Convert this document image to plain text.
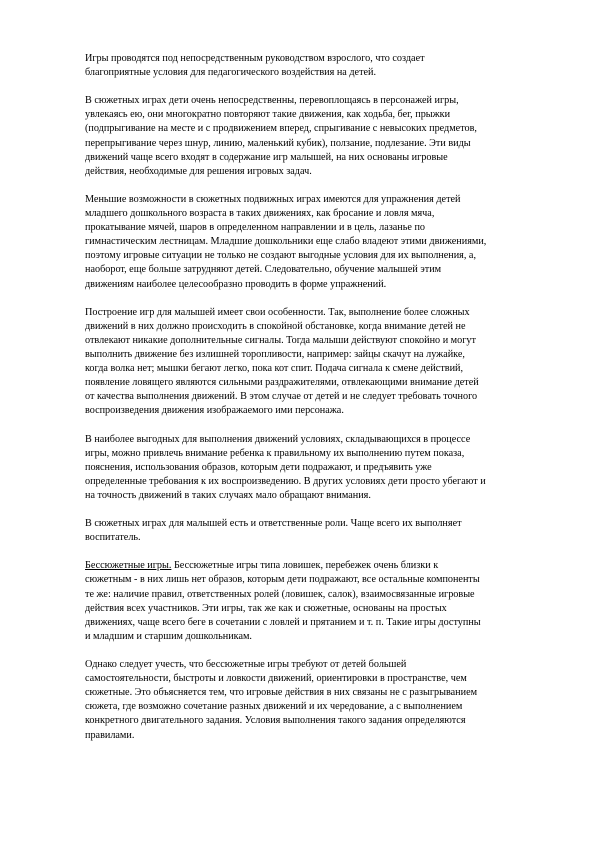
Игры проводятся под непосредственным руководством взрослого, что создает
благоприятные условия для педагогического воздействия на детей.

В сюжетных играх дети очень непосредственны, перевоплощаясь в персонажей игры,
увлекаясь ею, они многократно повторяют такие движения, как ходьба, бег, прыжки
(подпрыгивание на месте и с продвижением вперед, спрыгивание с невысоких предметов,
перепрыгивание через шнур, линию, маленький кубик), ползание, подлезание. Эти виды
движений чаще всего входят в содержание игр малышей, на них основаны игровые
действия, необходимые для решения игровых задач.

Меньшие возможности в сюжетных подвижных играх имеются для упражнения детей
младшего дошкольного возраста в таких движениях, как бросание и ловля мяча,
прокатывание мячей, шаров в определенном направлении и в цель, лазанье по
гимнастическим лестницам. Младшие дошкольники еще слабо владеют этими движениями,
поэтому игровые ситуации не только не создают выгодные условия для их выполнения, а,
наоборот, еще больше затрудняют детей. Следовательно, обучение малышей этим
движениям наиболее целесообразно проводить в форме упражнений.

Построение игр для малышей имеет свои особенности. Так, выполнение более сложных
движений в них должно происходить в спокойной обстановке, когда внимание детей не
отвлекают никакие дополнительные сигналы. Тогда малыши действуют спокойно и могут
выполнить движение без излишней торопливости, например: зайцы скачут на лужайке,
когда волка нет; мышки бегают легко, пока кот спит. Подача сигнала к смене действий,
появление ловящего являются сильными раздражителями, отвлекающими внимание детей
от качества выполнения движений. В этом случае от детей и не следует требовать точного
воспроизведения движения изображаемого ими персонажа.

В наиболее выгодных для выполнения движений условиях, складывающихся в процессе
игры, можно привлечь внимание ребенка к правильному их выполнению путем показа,
пояснения, использования образов, которым дети подражают, и предъявить уже
определенные требования к их воспроизведению. В других условиях дети просто убегают и
на точность движений в таких случаях мало обращают внимания.

В сюжетных играх для малышей есть и ответственные роли. Чаще всего их выполняет
воспитатель.

Бессюжетные игры. Бессюжетные игры типа ловишек, перебежек очень близки к
сюжетным - в них лишь нет образов, которым дети подражают, все остальные компоненты
те же: наличие правил, ответственных ролей (ловишек, салок), взаимосвязанные игровые
действия всех участников. Эти игры, так же как и сюжетные, основаны на простых
движениях, чаще всего беге в сочетании с ловлей и прятанием и т. п. Такие игры доступны
и младшим и старшим дошкольникам.

Однако следует учесть, что бессюжетные игры требуют от детей большей
самостоятельности, быстроты и ловкости движений, ориентировки в пространстве, чем
сюжетные. Это объясняется тем, что игровые действия в них связаны не с разыгрыванием
сюжета, где возможно сочетание разных движений и их чередование, а с выполнением
конкретного двигательного задания. Условия выполнения такого задания определяются
правилами.
